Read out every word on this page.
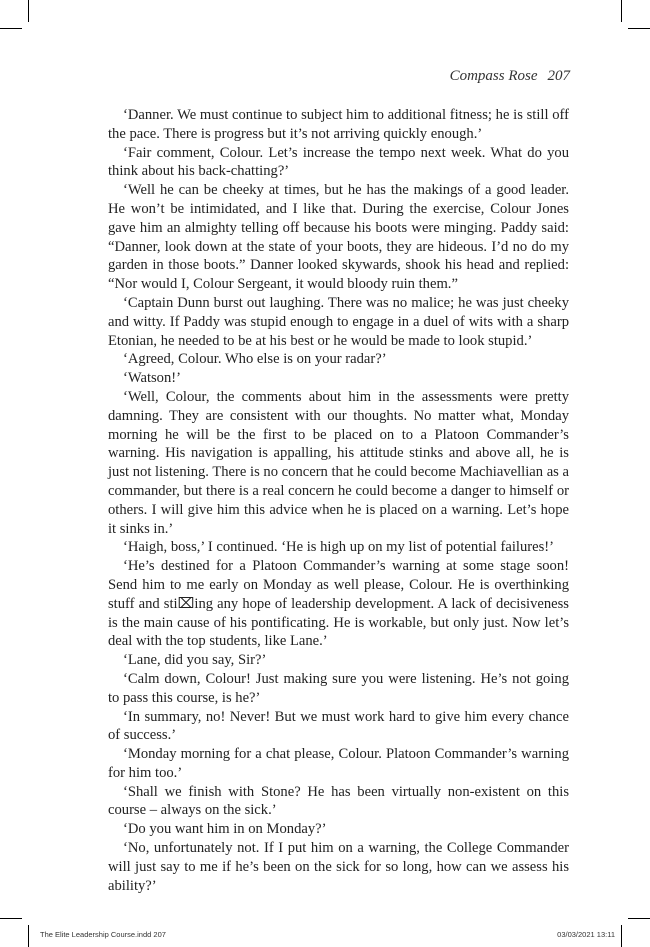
Compass Rose 207

‘Danner. We must continue to subject him to additional fitness; he is still off the pace. There is progress but it’s not arriving quickly enough.’

‘Fair comment, Colour. Let’s increase the tempo next week. What do you think about his back-chatting?’

‘Well he can be cheeky at times, but he has the makings of a good leader. He won’t be intimidated, and I like that. During the exercise, Colour Jones gave him an almighty telling off because his boots were minging. Paddy said: “Danner, look down at the state of your boots, they are hideous. I’d no do my garden in those boots.” Danner looked skywards, shook his head and replied: “Nor would I, Colour Sergeant, it would bloody ruin them.”

‘Captain Dunn burst out laughing. There was no malice; he was just cheeky and witty. If Paddy was stupid enough to engage in a duel of wits with a sharp Etonian, he needed to be at his best or he would be made to look stupid.’

‘Agreed, Colour. Who else is on your radar?’

‘Watson!’

‘Well, Colour, the comments about him in the assessments were pretty damning. They are consistent with our thoughts. No matter what, Monday morning he will be the first to be placed on to a Platoon Commander’s warning. His navigation is appalling, his attitude stinks and above all, he is just not listening. There is no concern that he could become Machiavellian as a commander, but there is a real concern he could become a danger to himself or others. I will give him this advice when he is placed on a warning. Let’s hope it sinks in.’

‘Haigh, boss,’ I continued. ‘He is high up on my list of potential failures!’

‘He’s destined for a Platoon Commander’s warning at some stage soon! Send him to me early on Monday as well please, Colour. He is overthinking stuff and sti⌧ing any hope of leadership development. A lack of decisiveness is the main cause of his pontificating. He is workable, but only just. Now let’s deal with the top students, like Lane.’

‘Lane, did you say, Sir?’

‘Calm down, Colour! Just making sure you were listening. He’s not going to pass this course, is he?’

‘In summary, no! Never! But we must work hard to give him every chance of success.’

‘Monday morning for a chat please, Colour. Platoon Commander’s warning for him too.’

‘Shall we finish with Stone? He has been virtually non-existent on this course – always on the sick.’

‘Do you want him in on Monday?’

‘No, unfortunately not. If I put him on a warning, the College Commander will just say to me if he’s been on the sick for so long, how can we assess his ability?’

The Elite Leadership Course.indd 207	03/03/2021 13:11
